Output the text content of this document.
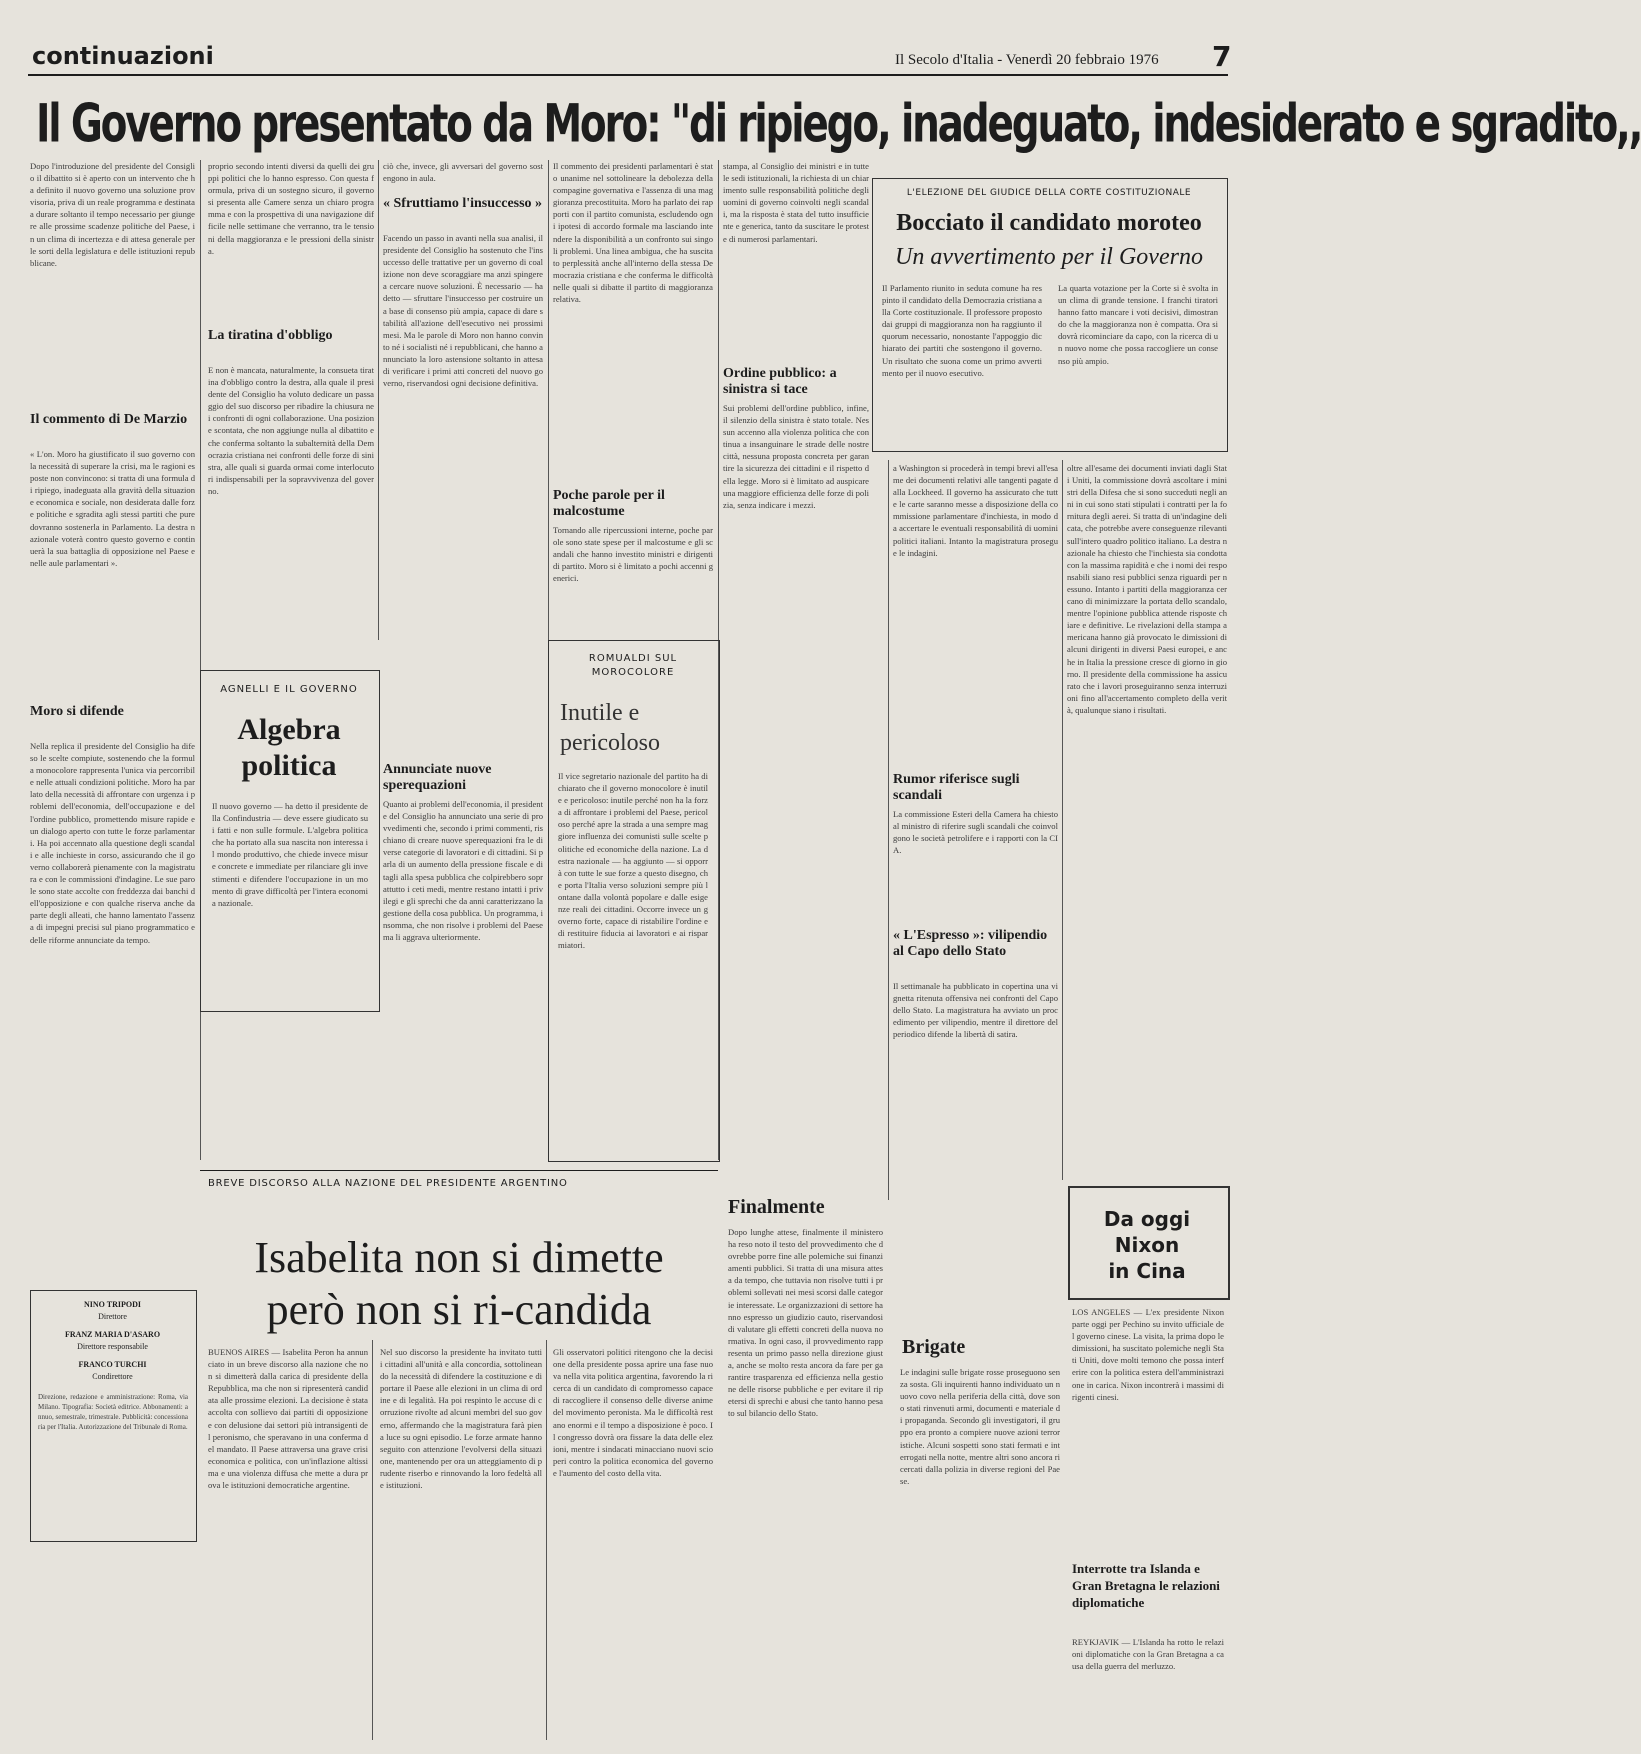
continuazioni	Il Secolo d'Italia - Venerdì 20 febbraio 1976 7
Il Governo presentato da Moro: "di ripiego, inadeguato, indesiderato e sgradito,,
Dopo l'introduzione del presidente del Consiglio il dibattito si è aperto con un intervento che ha definito il nuovo governo una soluzione provvisoria, priva di un reale programma e destinata a durare soltanto il tempo necessario per giungere alle prossime scadenze politiche del Paese, in un clima di incertezza e di attesa generale per le sorti della legislatura e delle istituzioni repubblicane.
Il commento di De Marzio
« L'on. Moro ha giustificato il suo governo con la necessità di superare la crisi, ma le ragioni esposte non convincono: si tratta di una formula di ripiego, inadeguata alla gravità della situazione economica e sociale, non desiderata dalle forze politiche e sgradita agli stessi partiti che pure dovranno sostenerla in Parlamento. La destra nazionale voterà contro questo governo e continuerà la sua battaglia di opposizione nel Paese e nelle aule parlamentari ».
Moro si difende
Nella replica il presidente del Consiglio ha difeso le scelte compiute, sostenendo che la formula monocolore rappresenta l'unica via percorribile nelle attuali condizioni politiche. Moro ha parlato della necessità di affrontare con urgenza i problemi dell'economia, dell'occupazione e dell'ordine pubblico, promettendo misure rapide e un dialogo aperto con tutte le forze parlamentari. Ha poi accennato alla questione degli scandali e alle inchieste in corso, assicurando che il governo collaborerà pienamente con la magistratura e con le commissioni d'indagine. Le sue parole sono state accolte con freddezza dai banchi dell'opposizione e con qualche riserva anche da parte degli alleati, che hanno lamentato l'assenza di impegni precisi sul piano programmatico e delle riforme annunciate da tempo.
NINO TRIPODI
Direttore
FRANZ MARIA D'ASARO
Direttore responsabile
FRANCO TURCHI
Condirettore
Direzione, redazione e amministrazione: Roma, via Milano. Tipografia: Società editrice. Abbonamenti: annuo, semestrale, trimestrale. Pubblicità: concessionaria per l'Italia. Autorizzazione del Tribunale di Roma.
proprio secondo intenti diversi da quelli dei gruppi politici che lo hanno espresso. Con questa formula, priva di un sostegno sicuro, il governo si presenta alle Camere senza un chiaro programma e con la prospettiva di una navigazione difficile nelle settimane che verranno, tra le tensioni della maggioranza e le pressioni della sinistra.
La tiratina d'obbligo
E non è mancata, naturalmente, la consueta tiratina d'obbligo contro la destra, alla quale il presidente del Consiglio ha voluto dedicare un passaggio del suo discorso per ribadire la chiusura nei confronti di ogni collaborazione. Una posizione scontata, che non aggiunge nulla al dibattito e che conferma soltanto la subalternità della Democrazia cristiana nei confronti delle forze di sinistra, alle quali si guarda ormai come interlocutori indispensabili per la sopravvivenza del governo.
AGNELLI E IL GOVERNO
Algebra politica
Il nuovo governo — ha detto il presidente della Confindustria — deve essere giudicato sui fatti e non sulle formule. L'algebra politica che ha portato alla sua nascita non interessa il mondo produttivo, che chiede invece misure concrete e immediate per rilanciare gli investimenti e difendere l'occupazione in un momento di grave difficoltà per l'intera economia nazionale.
ciò che, invece, gli avversari del governo sostengono in aula.
« Sfruttiamo l'insuccesso »
Facendo un passo in avanti nella sua analisi, il presidente del Consiglio ha sostenuto che l'insuccesso delle trattative per un governo di coalizione non deve scoraggiare ma anzi spingere a cercare nuove soluzioni. È necessario — ha detto — sfruttare l'insuccesso per costruire una base di consenso più ampia, capace di dare stabilità all'azione dell'esecutivo nei prossimi mesi. Ma le parole di Moro non hanno convinto né i socialisti né i repubblicani, che hanno annunciato la loro astensione soltanto in attesa di verificare i primi atti concreti del nuovo governo, riservandosi ogni decisione definitiva.
Annunciate nuove sperequazioni
Quanto ai problemi dell'economia, il presidente del Consiglio ha annunciato una serie di provvedimenti che, secondo i primi commenti, rischiano di creare nuove sperequazioni fra le diverse categorie di lavoratori e di cittadini. Si parla di un aumento della pressione fiscale e di tagli alla spesa pubblica che colpirebbero soprattutto i ceti medi, mentre restano intatti i privilegi e gli sprechi che da anni caratterizzano la gestione della cosa pubblica. Un programma, insomma, che non risolve i problemi del Paese ma li aggrava ulteriormente.
Il commento dei presidenti parlamentari è stato unanime nel sottolineare la debolezza della compagine governativa e l'assenza di una maggioranza precostituita. Moro ha parlato dei rapporti con il partito comunista, escludendo ogni ipotesi di accordo formale ma lasciando intendere la disponibilità a un confronto sui singoli problemi. Una linea ambigua, che ha suscitato perplessità anche all'interno della stessa Democrazia cristiana e che conferma le difficoltà nelle quali si dibatte il partito di maggioranza relativa.
Poche parole per il malcostume
Tornando alle ripercussioni interne, poche parole sono state spese per il malcostume e gli scandali che hanno investito ministri e dirigenti di partito. Moro si è limitato a pochi accenni generici.
ROMUALDI SUL MOROCOLORE
Inutile e pericoloso
Il vice segretario nazionale del partito ha dichiarato che il governo monocolore è inutile e pericoloso: inutile perché non ha la forza di affrontare i problemi del Paese, pericoloso perché apre la strada a una sempre maggiore influenza dei comunisti sulle scelte politiche ed economiche della nazione. La destra nazionale — ha aggiunto — si opporrà con tutte le sue forze a questo disegno, che porta l'Italia verso soluzioni sempre più lontane dalla volontà popolare e dalle esigenze reali dei cittadini. Occorre invece un governo forte, capace di ristabilire l'ordine e di restituire fiducia ai lavoratori e ai risparmiatori.
stampa, al Consiglio dei ministri e in tutte le sedi istituzionali, la richiesta di un chiarimento sulle responsabilità politiche degli uomini di governo coinvolti negli scandali, ma la risposta è stata del tutto insufficiente e generica, tanto da suscitare le proteste di numerosi parlamentari.
Ordine pubblico: a sinistra si tace
Sui problemi dell'ordine pubblico, infine, il silenzio della sinistra è stato totale. Nessun accenno alla violenza politica che continua a insanguinare le strade delle nostre città, nessuna proposta concreta per garantire la sicurezza dei cittadini e il rispetto della legge. Moro si è limitato ad auspicare una maggiore efficienza delle forze di polizia, senza indicare i mezzi.
L'ELEZIONE DEL GIUDICE DELLA CORTE COSTITUZIONALE
Bocciato il candidato moroteo
Un avvertimento per il Governo
Il Parlamento riunito in seduta comune ha respinto il candidato della Democrazia cristiana alla Corte costituzionale. Il professore proposto dai gruppi di maggioranza non ha raggiunto il quorum necessario, nonostante l'appoggio dichiarato dei partiti che sostengono il governo. Un risultato che suona come un primo avvertimento per il nuovo esecutivo.
La quarta votazione per la Corte si è svolta in un clima di grande tensione. I franchi tiratori hanno fatto mancare i voti decisivi, dimostrando che la maggioranza non è compatta. Ora si dovrà ricominciare da capo, con la ricerca di un nuovo nome che possa raccogliere un consenso più ampio.
a Washington si procederà in tempi brevi all'esame dei documenti relativi alle tangenti pagate dalla Lockheed. Il governo ha assicurato che tutte le carte saranno messe a disposizione della commissione parlamentare d'inchiesta, in modo da accertare le eventuali responsabilità di uomini politici italiani. Intanto la magistratura prosegue le indagini.
Rumor riferisce sugli scandali
La commissione Esteri della Camera ha chiesto al ministro di riferire sugli scandali che coinvolgono le società petrolifere e i rapporti con la CIA.
« L'Espresso »: vilipendio al Capo dello Stato
Il settimanale ha pubblicato in copertina una vignetta ritenuta offensiva nei confronti del Capo dello Stato. La magistratura ha avviato un procedimento per vilipendio, mentre il direttore del periodico difende la libertà di satira.
oltre all'esame dei documenti inviati dagli Stati Uniti, la commissione dovrà ascoltare i ministri della Difesa che si sono succeduti negli anni in cui sono stati stipulati i contratti per la fornitura degli aerei. Si tratta di un'indagine delicata, che potrebbe avere conseguenze rilevanti sull'intero quadro politico italiano. La destra nazionale ha chiesto che l'inchiesta sia condotta con la massima rapidità e che i nomi dei responsabili siano resi pubblici senza riguardi per nessuno. Intanto i partiti della maggioranza cercano di minimizzare la portata dello scandalo, mentre l'opinione pubblica attende risposte chiare e definitive. Le rivelazioni della stampa americana hanno già provocato le dimissioni di alcuni dirigenti in diversi Paesi europei, e anche in Italia la pressione cresce di giorno in giorno. Il presidente della commissione ha assicurato che i lavori proseguiranno senza interruzioni fino all'accertamento completo della verità, qualunque siano i risultati.
BREVE DISCORSO ALLA NAZIONE DEL PRESIDENTE ARGENTINO
Isabelita non si dimette
però non si ri-candida
BUENOS AIRES — Isabelita Peron ha annunciato in un breve discorso alla nazione che non si dimetterà dalla carica di presidente della Repubblica, ma che non si ripresenterà candidata alle prossime elezioni. La decisione è stata accolta con sollievo dai partiti di opposizione e con delusione dai settori più intransigenti del peronismo, che speravano in una conferma del mandato. Il Paese attraversa una grave crisi economica e politica, con un'inflazione altissima e una violenza diffusa che mette a dura prova le istituzioni democratiche argentine.
Nel suo discorso la presidente ha invitato tutti i cittadini all'unità e alla concordia, sottolineando la necessità di difendere la costituzione e di portare il Paese alle elezioni in un clima di ordine e di legalità. Ha poi respinto le accuse di corruzione rivolte ad alcuni membri del suo governo, affermando che la magistratura farà piena luce su ogni episodio. Le forze armate hanno seguito con attenzione l'evolversi della situazione, mantenendo per ora un atteggiamento di prudente riserbo e rinnovando la loro fedeltà alle istituzioni.
Gli osservatori politici ritengono che la decisione della presidente possa aprire una fase nuova nella vita politica argentina, favorendo la ricerca di un candidato di compromesso capace di raccogliere il consenso delle diverse anime del movimento peronista. Ma le difficoltà restano enormi e il tempo a disposizione è poco. Il congresso dovrà ora fissare la data delle elezioni, mentre i sindacati minacciano nuovi scioperi contro la politica economica del governo e l'aumento del costo della vita.
Finalmente
Dopo lunghe attese, finalmente il ministero ha reso noto il testo del provvedimento che dovrebbe porre fine alle polemiche sui finanziamenti pubblici. Si tratta di una misura attesa da tempo, che tuttavia non risolve tutti i problemi sollevati nei mesi scorsi dalle categorie interessate. Le organizzazioni di settore hanno espresso un giudizio cauto, riservandosi di valutare gli effetti concreti della nuova normativa. In ogni caso, il provvedimento rappresenta un primo passo nella direzione giusta, anche se molto resta ancora da fare per garantire trasparenza ed efficienza nella gestione delle risorse pubbliche e per evitare il ripetersi di sprechi e abusi che tanto hanno pesato sul bilancio dello Stato.
Brigate
Le indagini sulle brigate rosse proseguono senza sosta. Gli inquirenti hanno individuato un nuovo covo nella periferia della città, dove sono stati rinvenuti armi, documenti e materiale di propaganda. Secondo gli investigatori, il gruppo era pronto a compiere nuove azioni terroristiche. Alcuni sospetti sono stati fermati e interrogati nella notte, mentre altri sono ancora ricercati dalla polizia in diverse regioni del Paese.
Da oggi
Nixon
in Cina
LOS ANGELES — L'ex presidente Nixon parte oggi per Pechino su invito ufficiale del governo cinese. La visita, la prima dopo le dimissioni, ha suscitato polemiche negli Stati Uniti, dove molti temono che possa interferire con la politica estera dell'amministrazione in carica. Nixon incontrerà i massimi dirigenti cinesi.
Interrotte tra Islanda e Gran Bretagna le relazioni diplomatiche
REYKJAVIK — L'Islanda ha rotto le relazioni diplomatiche con la Gran Bretagna a causa della guerra del merluzzo.
